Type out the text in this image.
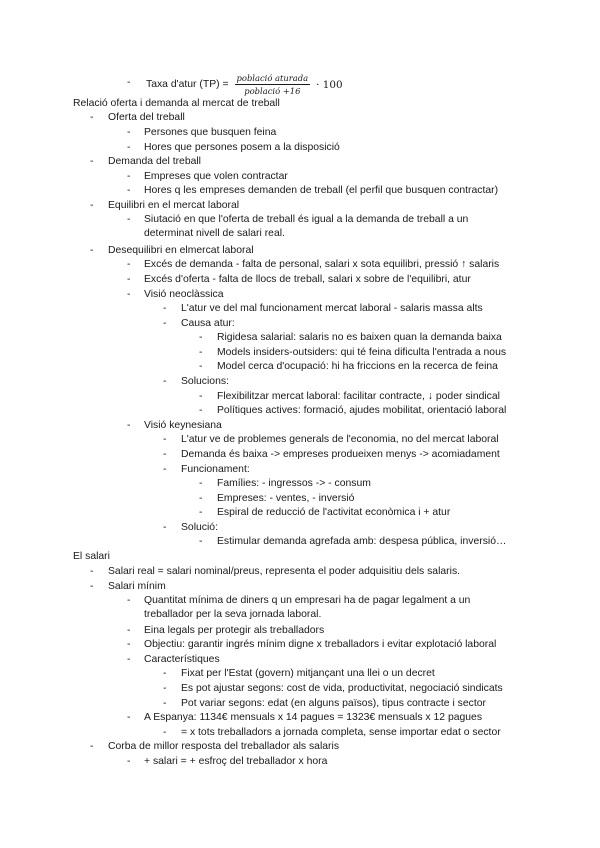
- Taxa d'atur $(TP) = \frac{\text{població aturada}}{\text{població +16}} \cdot 100$
Relació oferta i demanda al mercat de treball
- Oferta del treball
- Persones que busquen feina
- Hores que persones posem a la disposició
- Demanda del treball
- Empreses que volen contractar
- Hores q les empreses demanden de treball (el perfil que busquen contractar)
- Equilibri en el mercat laboral
- Siutació en que l'oferta de treball és igual a la demanda de treball a un determinat nivell de salari real.
- Desequilibri en elmercat laboral
- Excés de demanda - falta de personal, salari x sota equilibri, pressió ↑ salaris
- Excés d'oferta - falta de llocs de treball, salari x sobre de l'equilibri, atur
- Visió neoclàssica
- L'atur ve del mal funcionament mercat laboral - salaris massa alts
- Causa atur:
- Rigidesa salarial: salaris no es baixen quan la demanda baixa
- Models insiders-outsiders: qui té feina dificulta l'entrada a nous
- Model cerca d'ocupació: hi ha friccions en la recerca de feina
- Solucions:
- Flexibilitzar mercat laboral: facilitar contracte, ↓ poder sindical
- Polítiques actives: formació, ajudes mobilitat, orientació laboral
- Visió keynesiana
- L'atur ve de problemes generals de l'economia, no del mercat laboral
- Demanda és baixa -> empreses produeixen menys -> acomiadament
- Funcionament:
- Famílies: - ingressos -> - consum
- Empreses: - ventes, - inversió
- Espiral de reducció de l'activitat econòmica i + atur
- Solució:
- Estimular demanda agrefada amb: despesa pública, inversió…
El salari
- Salari real = salari nominal/preus, representa el poder adquisitiu dels salaris.
- Salari mínim
- Quantitat mínima de diners q un empresari ha de pagar legalment a un treballador per la seva jornada laboral.
- Eina legals per protegir als treballadors
- Objectiu: garantir ingrés mínim digne x treballadors i evitar explotació laboral
- Característiques
- Fixat per l'Estat (govern) mitjançant una llei o un decret
- Es pot ajustar segons: cost de vida, productivitat, negociació sindicats
- Pot variar segons: edat (en alguns països), tipus contracte i sector
- A Espanya: 1134€ mensuals x 14 pagues = 1323€ mensuals x 12 pagues
- = x tots treballadors a jornada completa, sense importar edat o sector
- Corba de millor resposta del treballador als salaris
- + salari = + esfroç del treballador x hora
